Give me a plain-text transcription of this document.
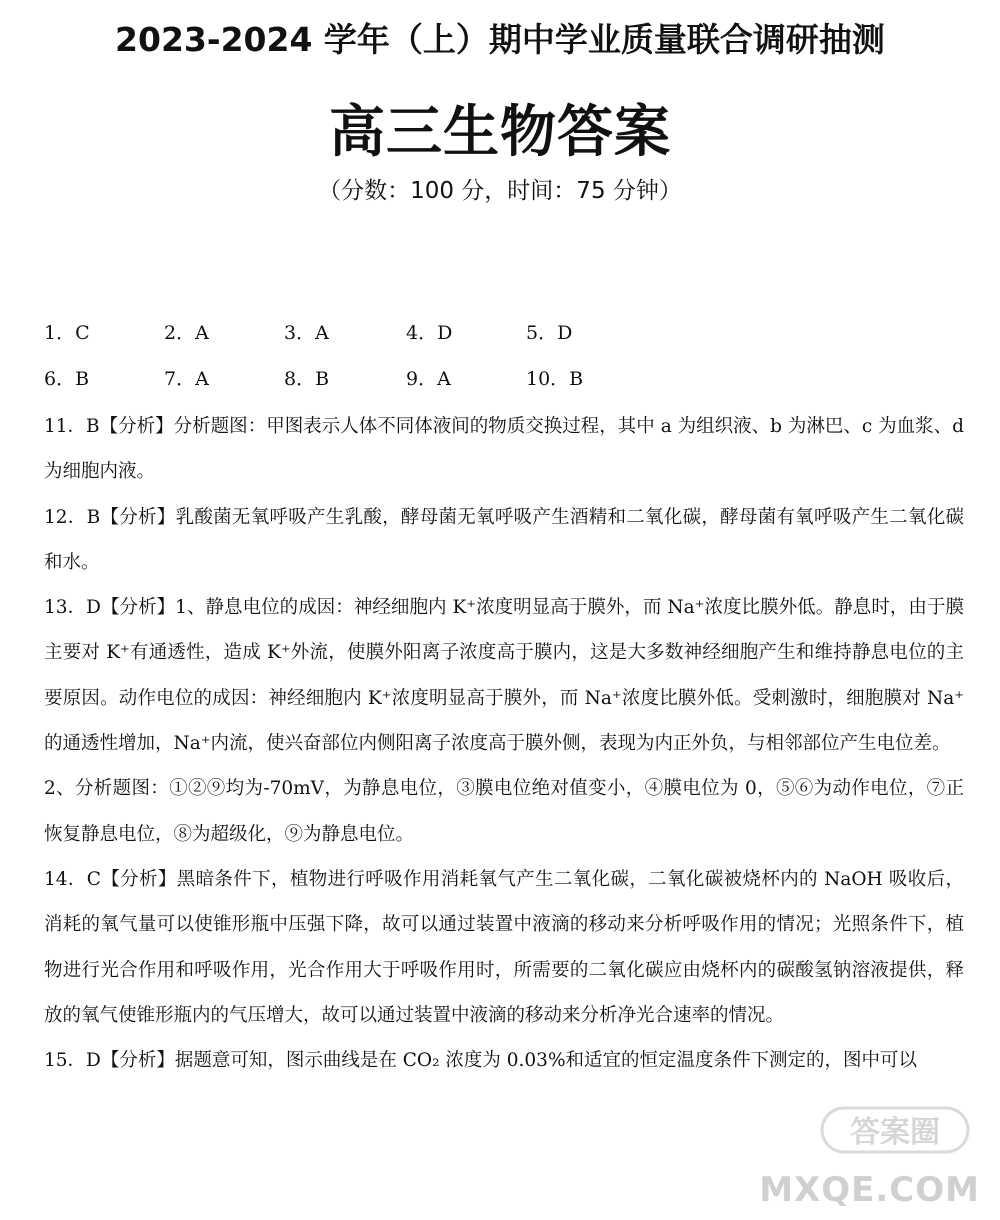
2023-2024 学年（上）期中学业质量联合调研抽测
高三生物答案
（分数：100 分，时间：75 分钟）
1．C	2．A	3．A	4．D	5．D
6．B	7．A	8．B	9．A	10．B

11．B【分析】分析题图：甲图表示人体不同体液间的物质交换过程，其中 a 为组织液、b 为淋巴、c 为血浆、d 为细胞内液。

12．B【分析】乳酸菌无氧呼吸产生乳酸，酵母菌无氧呼吸产生酒精和二氧化碳，酵母菌有氧呼吸产生二氧化碳和水。

13．D【分析】1、静息电位的成因：神经细胞内 K⁺浓度明显高于膜外，而 Na⁺浓度比膜外低。静息时，由于膜主要对 K⁺有通透性，造成 K⁺外流，使膜外阳离子浓度高于膜内，这是大多数神经细胞产生和维持静息电位的主要原因。动作电位的成因：神经细胞内 K⁺浓度明显高于膜外，而 Na⁺浓度比膜外低。受刺激时，细胞膜对 Na⁺的通透性增加，Na⁺内流，使兴奋部位内侧阳离子浓度高于膜外侧，表现为内正外负，与相邻部位产生电位差。

2、分析题图：①②⑨均为-70mV，为静息电位，③膜电位绝对值变小，④膜电位为 0，⑤⑥为动作电位，⑦正恢复静息电位，⑧为超级化，⑨为静息电位。

14．C【分析】黑暗条件下，植物进行呼吸作用消耗氧气产生二氧化碳，二氧化碳被烧杯内的 NaOH 吸收后，消耗的氧气量可以使锥形瓶中压强下降，故可以通过装置中液滴的移动来分析呼吸作用的情况；光照条件下，植物进行光合作用和呼吸作用，光合作用大于呼吸作用时，所需要的二氧化碳应由烧杯内的碳酸氢钠溶液提供，释放的氧气使锥形瓶内的气压增大，故可以通过装置中液滴的移动来分析净光合速率的情况。

15．D【分析】据题意可知，图示曲线是在 CO₂ 浓度为 0.03%和适宜的恒定温度条件下测定的，图中可以

答案圈
MXQE.COM
